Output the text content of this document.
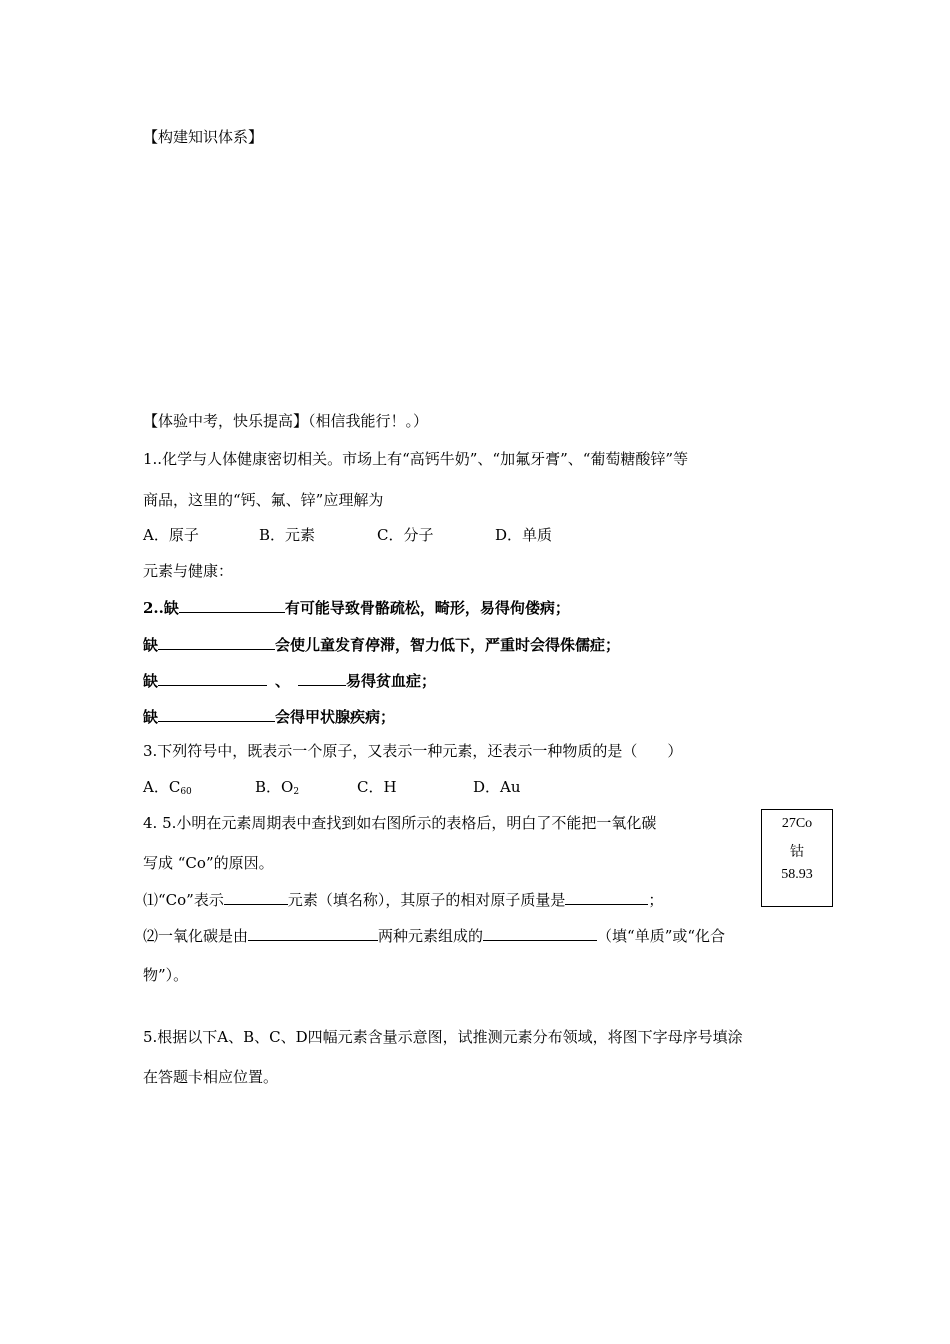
【构建知识体系】
【体验中考，快乐提高】（相信我能行！。）
1..化学与人体健康密切相关。市场上有“高钙牛奶”、“加氟牙膏”、“葡萄糖酸锌”等
商品，这里的“钙、氟、锌”应理解为
A．原子	B．元素	C．分子	D．单质
元素与健康：
2..缺	有可能导致骨骼疏松，畸形，易得佝偻病；
缺	会使儿童发育停滞，智力低下，严重时会得侏儒症；
缺	、	易得贫血症；
缺	会得甲状腺疾病；
3.下列符号中，既表示一个原子，又表示一种元素，还表示一种物质的是（　　）
A．$C_{60}$	B．$O_2$	C．H	D．Au
4. 5.小明在元素周期表中查找到如右图所示的表格后，明白了不能把一氧化碳
写成 “Co”的原因。
⑴“Co”表示	元素（填名称），其原子的相对原子质量是	；
⑵一氧化碳是由	两种元素组成的	（填“单质”或“化合
物”）。
27Co
钴
58.93
5.根据以下A、B、C、D四幅元素含量示意图，试推测元素分布领域，将图下字母序号填涂
在答题卡相应位置。
